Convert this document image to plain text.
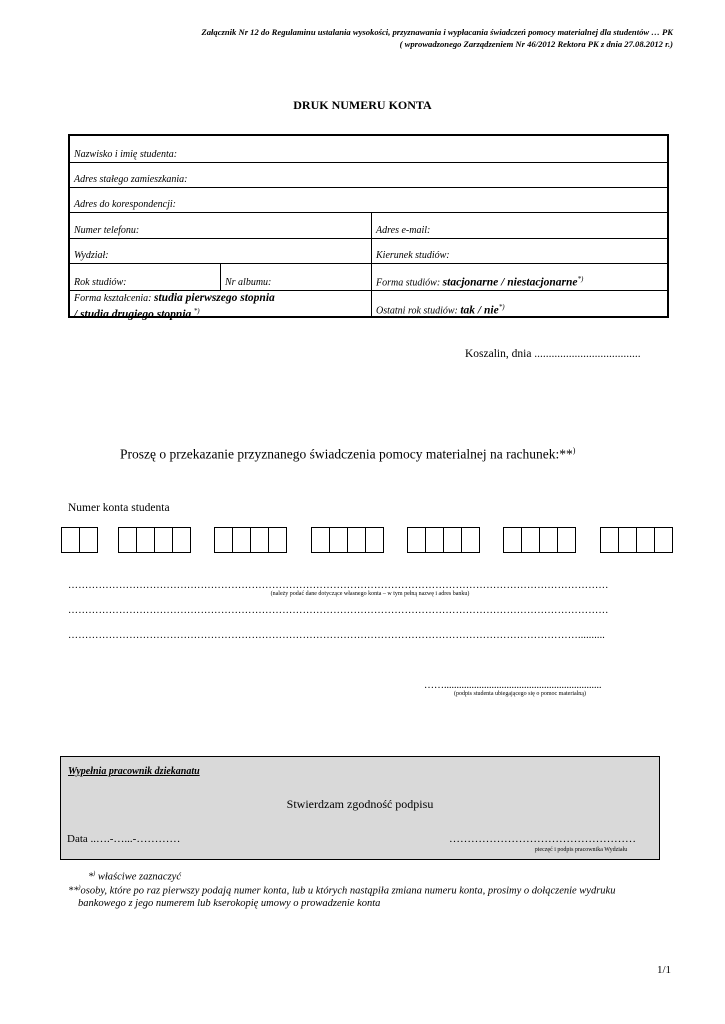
Załącznik Nr 12 do Regulaminu ustalania wysokości, przyznawania i wypłacania świadczeń pomocy materialnej dla studentów … PK
( wprowadzonego Zarządzeniem Nr 46/2012 Rektora PK z dnia 27.08.2012 r.)
DRUK NUMERU KONTA
Nazwisko i imię studenta:
Adres stałego zamieszkania:
Adres do korespondencji:
Numer telefonu:	Adres e-mail:
Wydział:	Kierunek studiów:
Rok studiów:	Nr albumu:	Forma studiów: stacjonarne / niestacjonarne*)
Forma kształcenia: studia pierwszego stopnia
/ studia drugiego stopnia *)	Ostatni rok studiów: tak / nie*)
Koszalin, dnia .....................................
Proszę o przekazanie przyznanego świadczenia pomocy materialnej na rachunek:**)
Numer konta studenta
……………………………………………………………………………………………………………………………………………
(należy podać dane dotyczące własnego konta – w tym pełną nazwę i adres banku)
……………………………………………………………………………………………………………………………………………
……………………………………………………………………………………………………………………………………..........
……...............................................................
(podpis studenta ubiegającego się o pomoc materialną)
Wypełnia pracownik dziekanatu
Stwierdzam zgodność podpisu
Data ..….-…...-…………	……………………………………………
pieczęć i podpis pracownika Wydziału
*) właściwe zaznaczyć
**)osoby, które po raz pierwszy podają numer konta, lub u których nastąpiła zmiana numeru konta, prosimy o dołączenie wydruku
bankowego z jego numerem lub kserokopię umowy o prowadzenie konta
1/1
